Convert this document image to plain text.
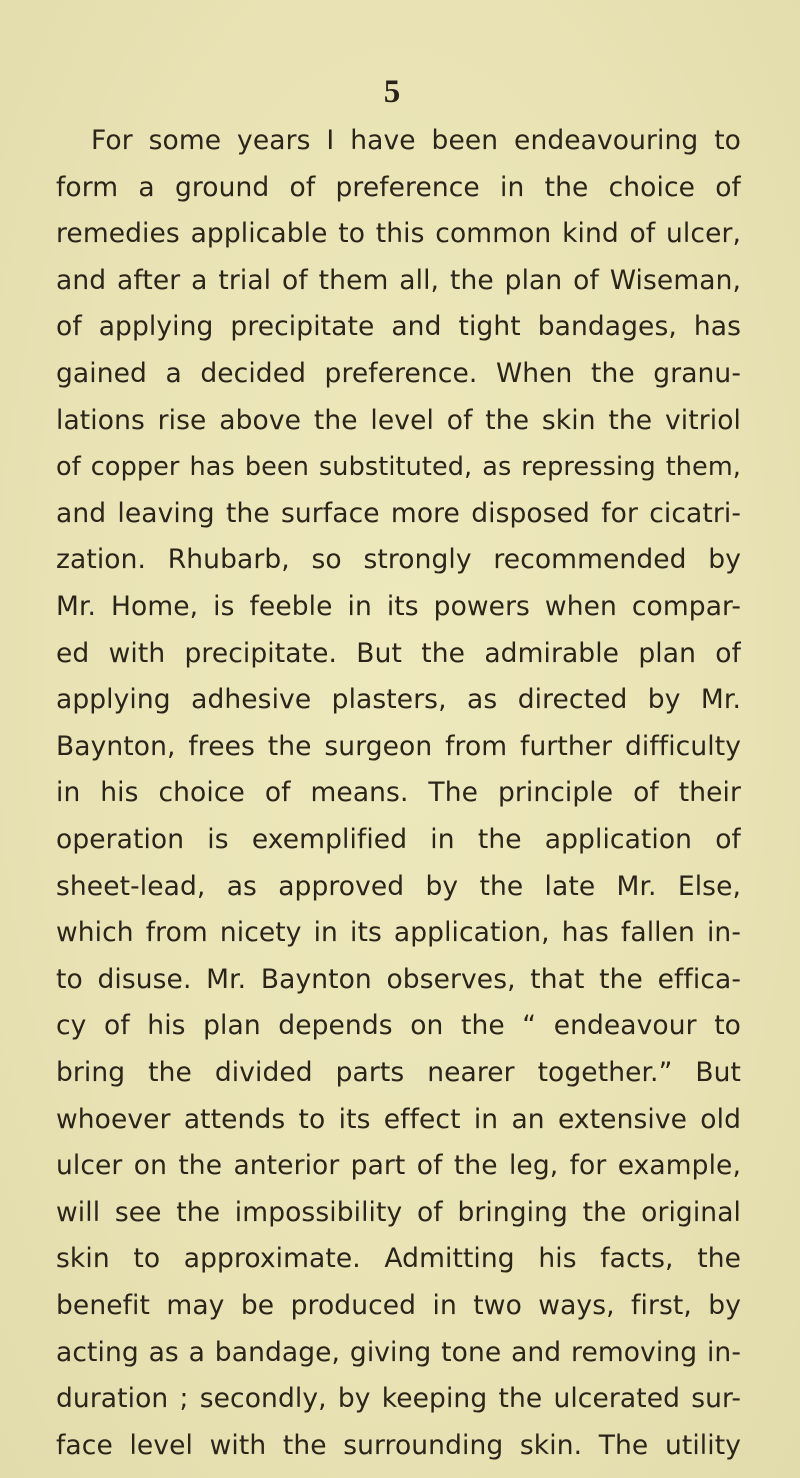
5
For some years I have been endeavouring to
form a ground of preference in the choice of
remedies applicable to this common kind of ulcer,
and after a trial of them all, the plan of Wiseman,
of applying precipitate and tight bandages, has
gained a decided preference. When the granu-
lations rise above the level of the skin the vitriol
of copper has been substituted, as repressing them,
and leaving the surface more disposed for cicatri-
zation. Rhubarb, so strongly recommended by
Mr. Home, is feeble in its powers when compar-
ed with precipitate. But the admirable plan of
applying adhesive plasters, as directed by Mr.
Baynton, frees the surgeon from further difficulty
in his choice of means. The principle of their
operation is exemplified in the application of
sheet-lead, as approved by the late Mr. Else,
which from nicety in its application, has fallen in-
to disuse. Mr. Baynton observes, that the effica-
cy of his plan depends on the “ endeavour to
bring the divided parts nearer together.” But
whoever attends to its effect in an extensive old
ulcer on the anterior part of the leg, for example,
will see the impossibility of bringing the original
skin to approximate. Admitting his facts, the
benefit may be produced in two ways, first, by
acting as a bandage, giving tone and removing in-
duration ; secondly, by keeping the ulcerated sur-
face level with the surrounding skin. The utility
